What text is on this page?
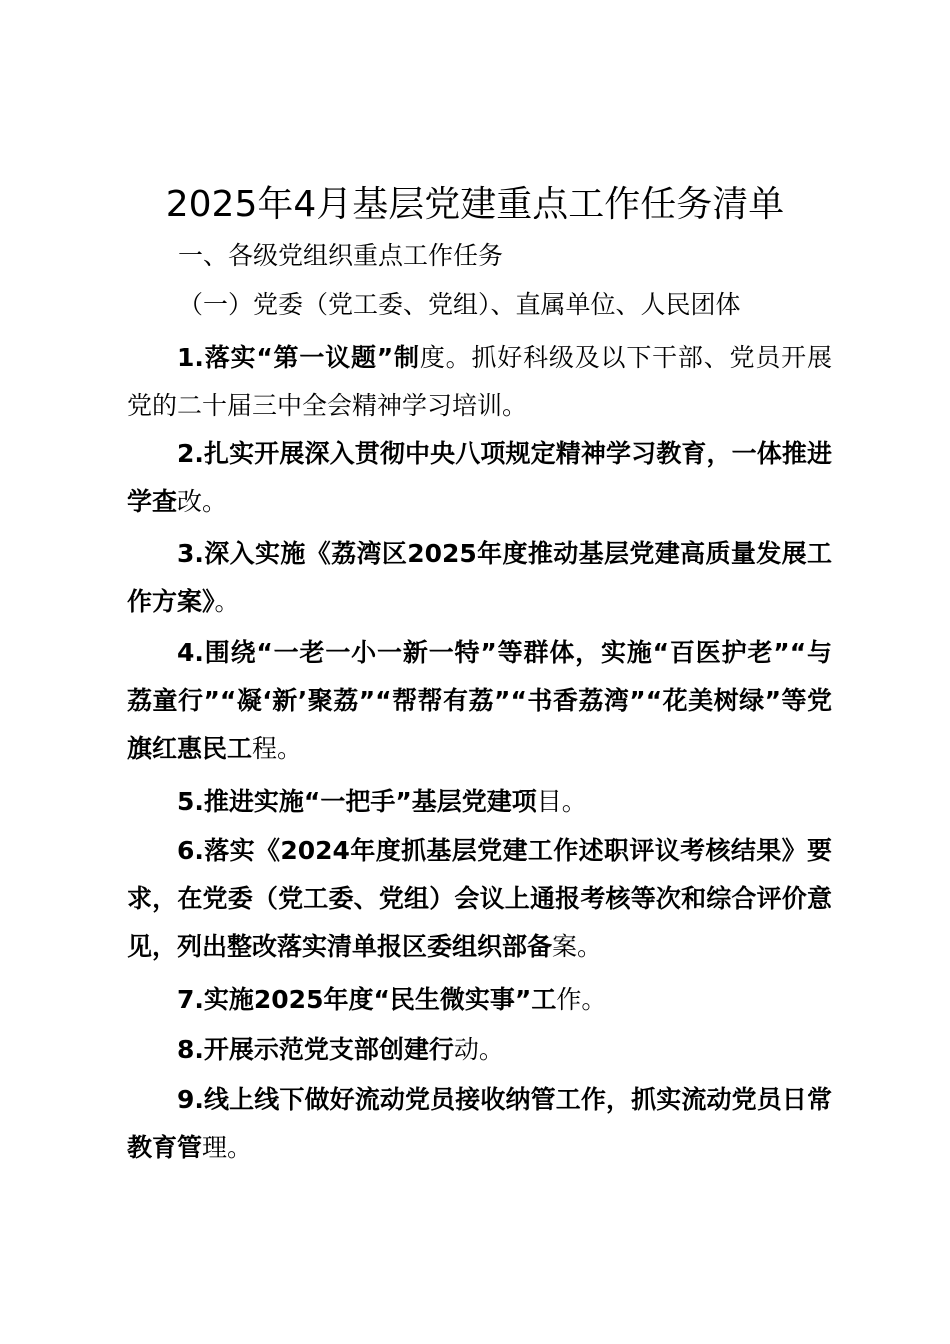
2025年4月基层党建重点工作任务清单
一、各级党组织重点工作任务
（一）党委（党工委、党组）、直属单位、人民团体
1.落实“第一议题”制度。抓好科级及以下干部、党员开展党的二十届三中全会精神学习培训。
2.扎实开展深入贯彻中央八项规定精神学习教育，一体推进学查改。
3.深入实施《荔湾区2025年度推动基层党建高质量发展工作方案》。
4.围绕“一老一小一新一特”等群体，实施“百医护老”“与荔童行”“凝‘新’聚荔”“帮帮有荔”“书香荔湾”“花美树绿”等党旗红惠民工程。
5.推进实施“一把手”基层党建项目。
6.落实《2024年度抓基层党建工作述职评议考核结果》要求，在党委（党工委、党组）会议上通报考核等次和综合评价意见，列出整改落实清单报区委组织部备案。
7.实施2025年度“民生微实事”工作。
8.开展示范党支部创建行动。
9.线上线下做好流动党员接收纳管工作，抓实流动党员日常教育管理。
